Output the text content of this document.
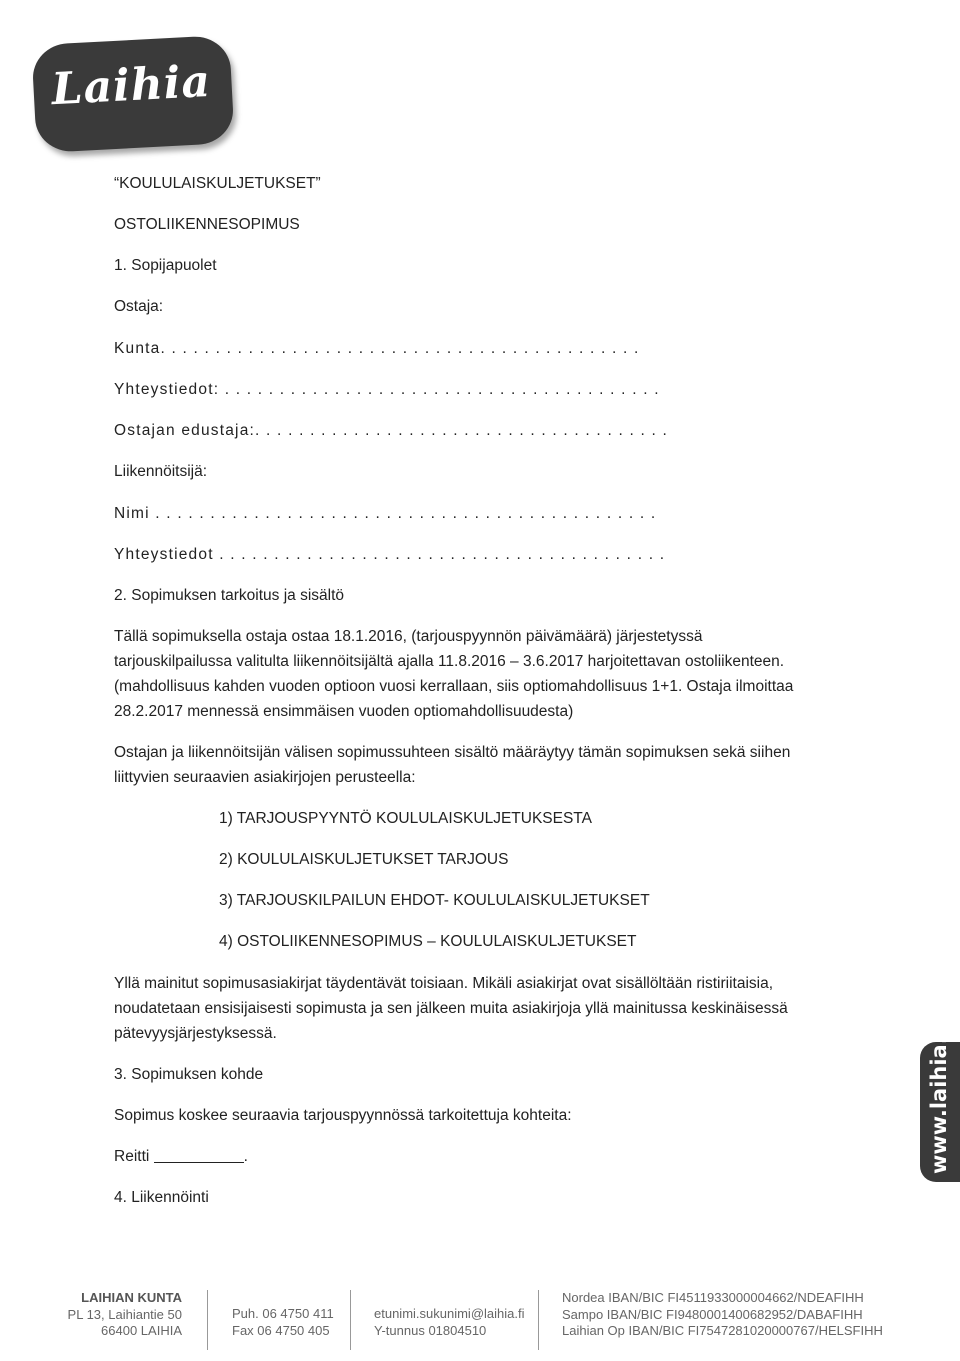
Laihia
“KOULULAISKULJETUKSET”
OSTOLIIKENNESOPIMUS
1. Sopijapuolet
Ostaja:
Kunta. . . . . . . . . . . . . . . . . . . . . . . . . . . . . . . . . . . . . . . . . . . .
Yhteystiedot: . . . . . . . . . . . . . . . . . . . . . . . . . . . . . . . . . . . . . . . .
Ostajan edustaja:. . . . . . . . . . . . . . . . . . . . . . . . . . . . . . . . . . . . . .
Liikennöitsijä:
Nimi . . . . . . . . . . . . . . . . . . . . . . . . . . . . . . . . . . . . . . . . . . . . . .
Yhteystiedot . . . . . . . . . . . . . . . . . . . . . . . . . . . . . . . . . . . . . . . . .
2. Sopimuksen tarkoitus ja sisältö
Tällä sopimuksella ostaja ostaa 18.1.2016, (tarjouspyynnön päivämäärä) järjestetyssä
tarjouskilpailussa valitulta liikennöitsijältä ajalla 11.8.2016 – 3.6.2017 harjoitettavan ostoliikenteen.
(mahdollisuus kahden vuoden optioon vuosi kerrallaan, siis optiomahdollisuus 1+1. Ostaja ilmoittaa
28.2.2017 mennessä ensimmäisen vuoden optiomahdollisuudesta)
Ostajan ja liikennöitsijän välisen sopimussuhteen sisältö määräytyy tämän sopimuksen sekä siihen
liittyvien seuraavien asiakirjojen perusteella:
1) TARJOUSPYYNTÖ KOULULAISKULJETUKSESTA
2) KOULULAISKULJETUKSET TARJOUS
3) TARJOUSKILPAILUN EHDOT- KOULULAISKULJETUKSET
4) OSTOLIIKENNESOPIMUS – KOULULAISKULJETUKSET
Yllä mainitut sopimusasiakirjat täydentävät toisiaan. Mikäli asiakirjat ovat sisällöltään ristiriitaisia,
noudatetaan ensisijaisesti sopimusta ja sen jälkeen muita asiakirjoja yllä mainitussa keskinäisessä
pätevyysjärjestyksessä.
3. Sopimuksen kohde
Sopimus koskee seuraavia tarjouspyynnössä tarkoitettuja kohteita:
Reitti	.
4. Liikennöinti
www.laihia.fi
LAIHIAN KUNTA
PL 13, Laihiantie 50
66400 LAIHIA
Puh. 06 4750 411
Fax 06 4750 405
etunimi.sukunimi@laihia.fi
Y-tunnus 01804510
Nordea IBAN/BIC FI4511933000004662/NDEAFIHH
Sampo IBAN/BIC FI9480001400682952/DABAFIHH
Laihian Op IBAN/BIC FI7547281020000767/HELSFIHH
